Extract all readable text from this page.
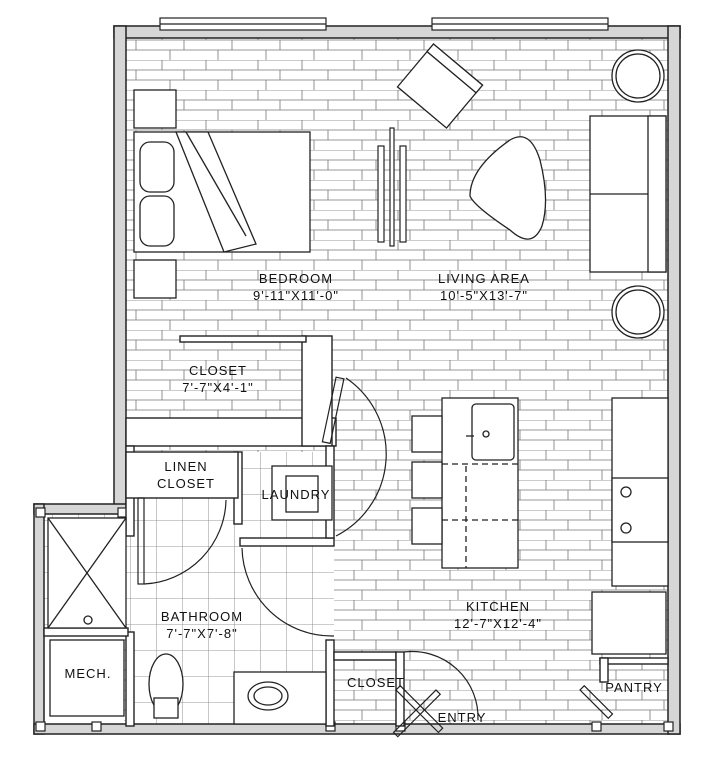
BEDROOM
9'-11"X11'-0"
LIVING AREA
10'-5"X13'-7"
CLOSET
7'-7"X4'-1"
LINEN
CLOSET
LAUNDRY
BATHROOM
7'-7"X7'-8"
KITCHEN
12'-7"X12'-4"
MECH.
CLOSET
ENTRY
PANTRY
